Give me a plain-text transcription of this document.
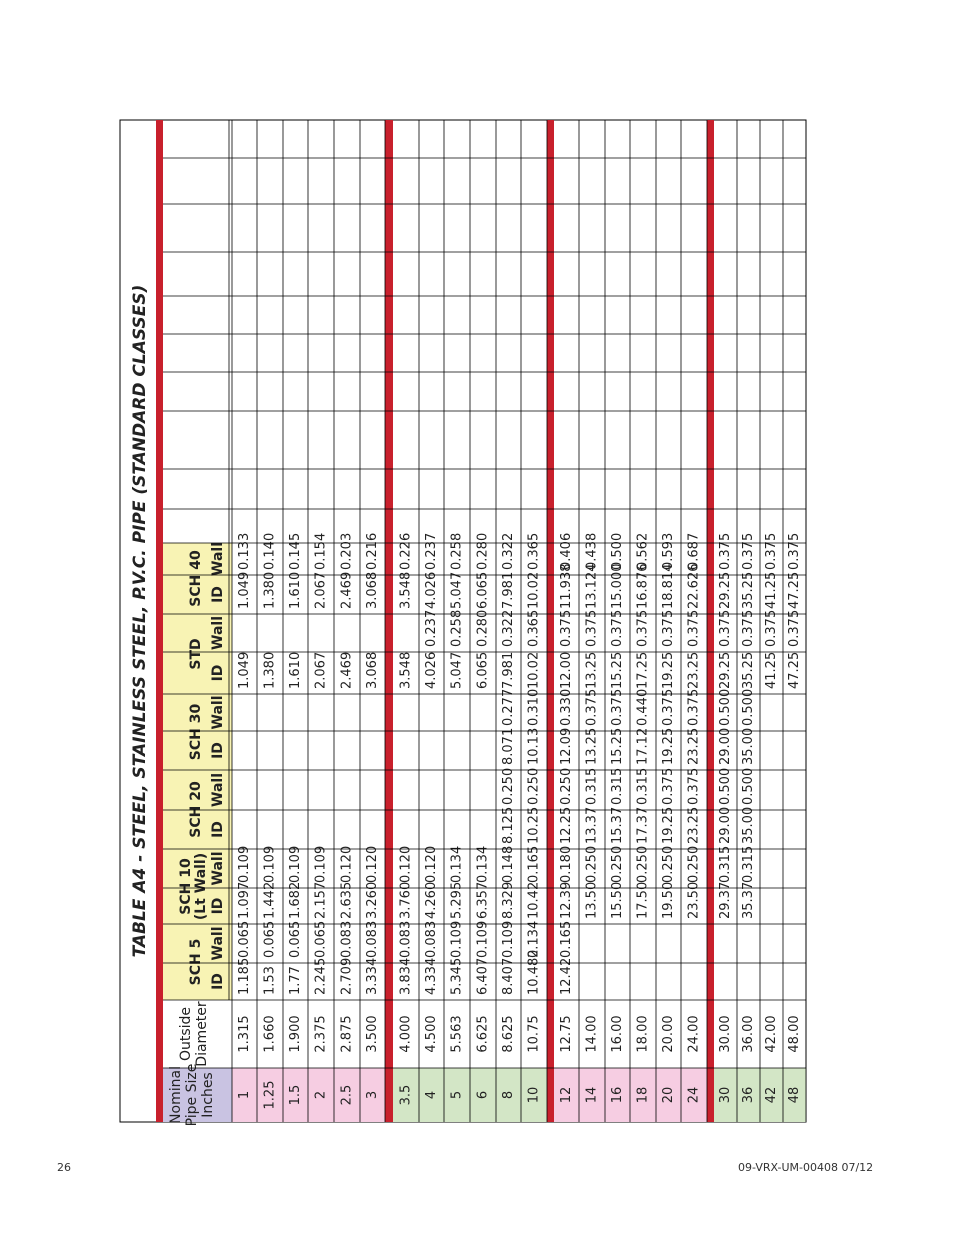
TABLE A4 - STEEL, STAINLESS STEEL, P.V.C. PIPE (STANDARD CLASSES)
Nominal Pipe Size Inches
Outside Diameter
SCH 5 ID
Wall
SCH 10 (Lt Wall) ID
Wall
SCH 20 ID
Wall
SCH 30 ID
Wall
STD
ID
Wall
SCH 40 ID
Wall
1
1.315
1.185
0.065
1.097
0.109
1.049
1.049
0.133
1.25
1.660
1.53
0.065
1.442
0.109
1.380
1.380
0.140
1.5
1.900
1.77
0.065
1.682
0.109
1.610
1.610
0.145
2
2.375
2.245
0.065
2.157
0.109
2.067
2.067
0.154
2.5
2.875
2.709
0.083
2.635
0.120
2.469
2.469
0.203
3
3.500
3.334
0.083
3.260
0.120
3.068
3.068
0.216
3.5
4.000
3.834
0.083
3.760
0.120
3.548
3.548
0.226
4
4.500
4.334
0.083
4.260
0.120
4.026
0.237
4.026
0.237
5
5.563
5.345
0.109
5.295
0.134
5.047
0.258
5.047
0.258
6
6.625
6.407
0.109
6.357
0.134
6.065
0.280
6.065
0.280
8
8.625
8.407
0.109
8.329
0.148
8.125
0.250
8.071
0.277
7.981
0.322
7.981
0.322
10
10.75
10.482
0.134
10.42
0.165
10.25
0.250
10.13
0.310
10.02
0.365
10.02
0.365
12
12.75
12.42
0.165
12.39
0.180
12.25
0.250
12.09
0.330
12.00
0.375
11.938
0.406
14
14.00
13.50
0.250
13.37
0.315
13.25
0.375
13.25
0.375
13.124
0.438
16
16.00
15.50
0.250
15.37
0.315
15.25
0.375
15.25
0.375
15.000
0.500
18
18.00
17.50
0.250
17.37
0.315
17.12
0.440
17.25
0.375
16.876
0.562
20
20.00
19.50
0.250
19.25
0.375
19.25
0.375
19.25
0.375
18.814
0.593
24
24.00
23.50
0.250
23.25
0.375
23.25
0.375
23.25
0.375
22.626
0.687
30
30.00
29.37
0.315
29.00
0.500
29.00
0.500
29.25
0.375
29.25
0.375
36
36.00
35.37
0.315
35.00
0.500
35.00
0.500
35.25
0.375
35.25
0.375
42
42.00
41.25
0.375
41.25
0.375
48
48.00
47.25
0.375
47.25
0.375
26	09-VRX-UM-00408 07/12
